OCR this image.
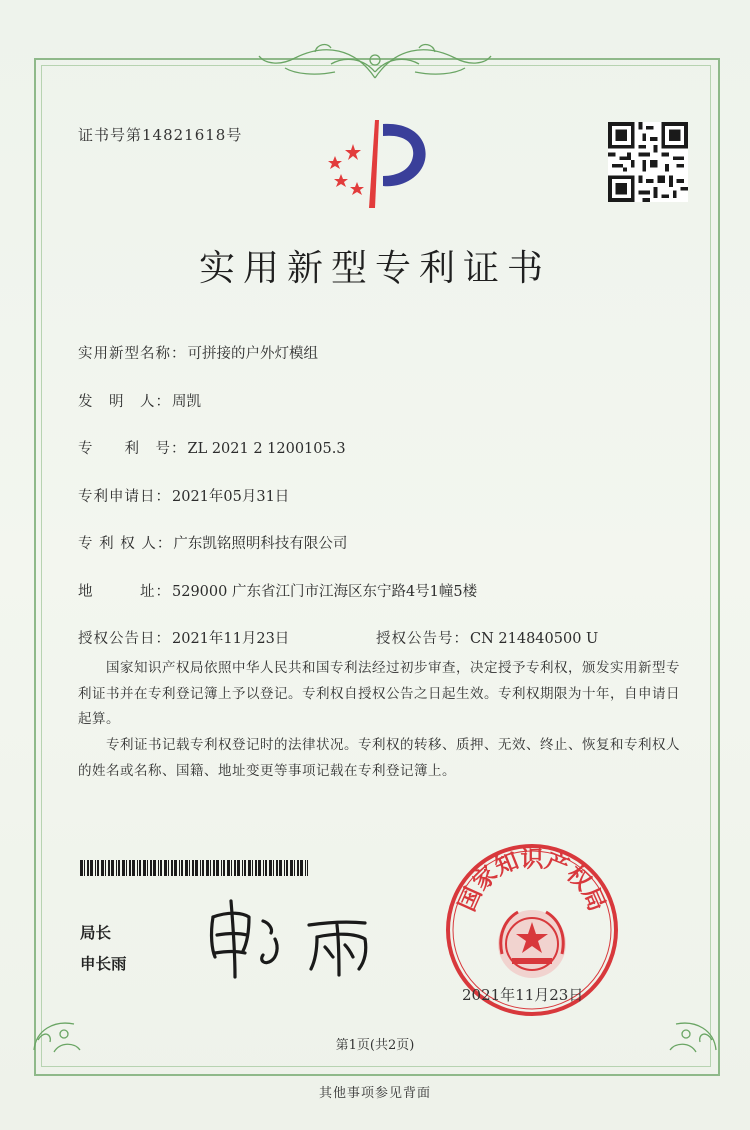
证书号第14821618号
实用新型专利证书
实用新型名称： 可拼接的户外灯模组
发　明　人： 周凯
专　　利　号： ZL 2021 2 1200105.3
专利申请日： 2021年05月31日
专 利 权 人： 广东凯铭照明科技有限公司
地　　　址： 529000 广东省江门市江海区东宁路4号1幢5楼
授权公告日： 2021年11月23日	授权公告号： CN 214840500 U
国家知识产权局依照中华人民共和国专利法经过初步审查，决定授予专利权，颁发实用新型专利证书并在专利登记簿上予以登记。专利权自授权公告之日起生效。专利权期限为十年，自申请日起算。
专利证书记载专利权登记时的法律状况。专利权的转移、质押、无效、终止、恢复和专利权人的姓名或名称、国籍、地址变更等事项记载在专利登记簿上。
局长
申长雨
国家知识产权局
2021年11月23日
第1页(共2页)
其他事项参见背面
